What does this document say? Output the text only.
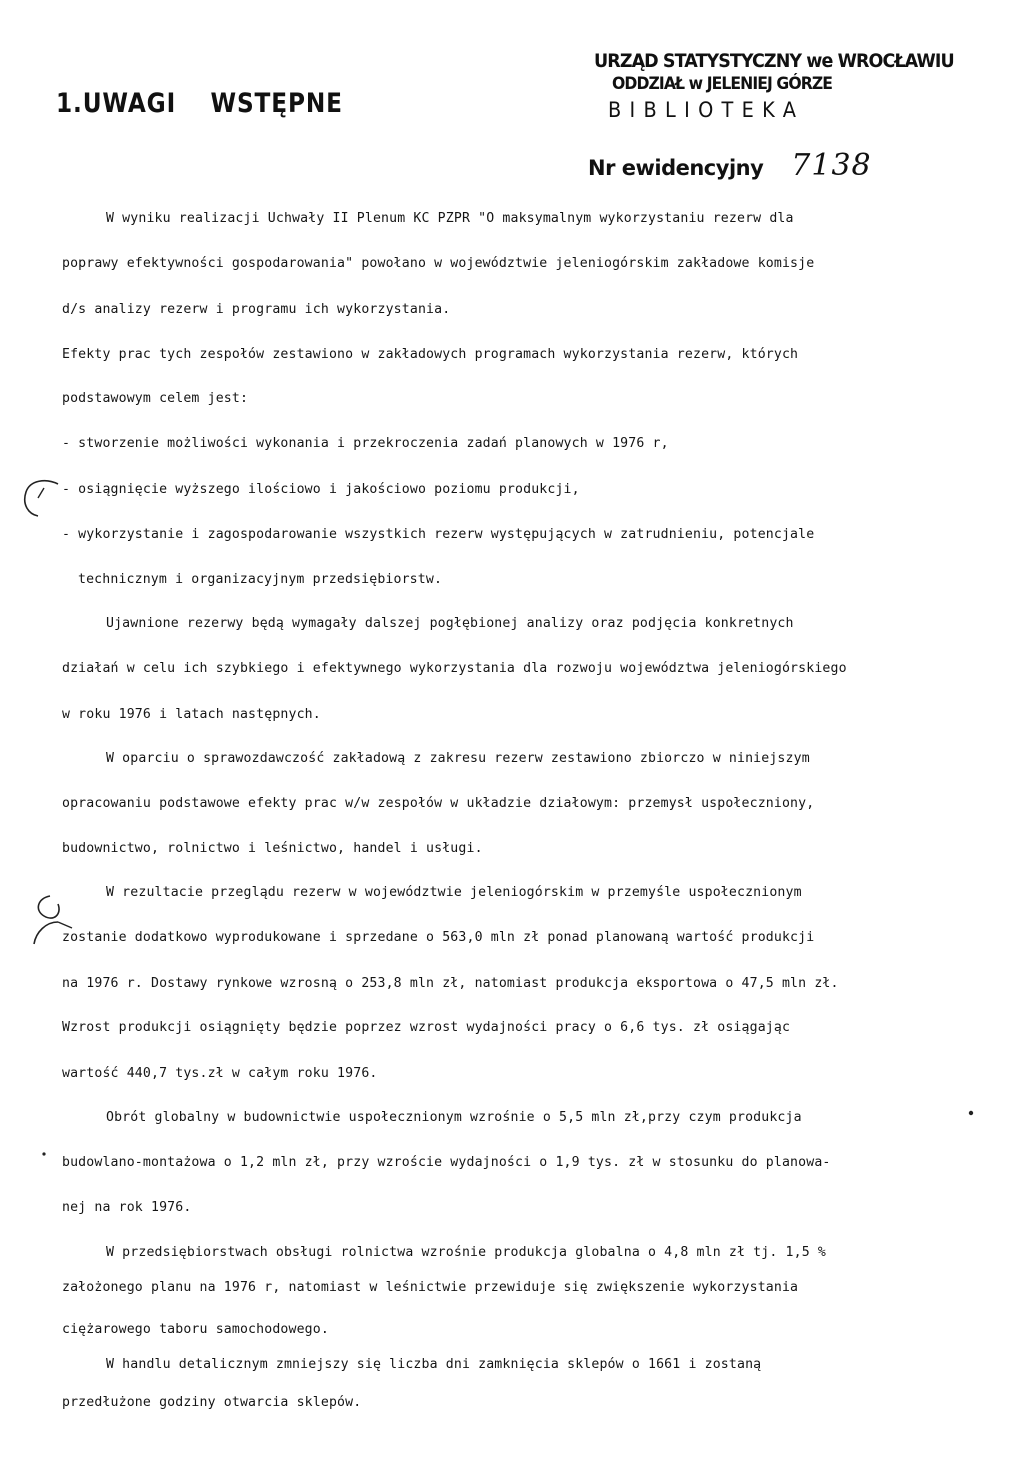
1.UWAGI WSTĘPNE
URZĄD STATYSTYCZNY we WROCŁAWIU
ODDZIAŁ w JELENIEJ GÓRZE
BIBLIOTEKA
Nr ewidencyjny 7138
W wyniku realizacji Uchwały II Plenum KC PZPR "O maksymalnym wykorzystaniu rezerw dla
poprawy efektywności gospodarowania" powołano w województwie jeleniogórskim zakładowe komisje
d/s analizy rezerw i programu ich wykorzystania.
Efekty prac tych zespołów zestawiono w zakładowych programach wykorzystania rezerw, których
podstawowym celem jest:
- stworzenie możliwości wykonania i przekroczenia zadań planowych w 1976 r,
- osiągnięcie wyższego ilościowo i jakościowo poziomu produkcji,
- wykorzystanie i zagospodarowanie wszystkich rezerw występujących w zatrudnieniu, potencjale
technicznym i organizacyjnym przedsiębiorstw.
Ujawnione rezerwy będą wymagały dalszej pogłębionej analizy oraz podjęcia konkretnych
działań w celu ich szybkiego i efektywnego wykorzystania dla rozwoju województwa jeleniogórskiego
w roku 1976 i latach następnych.
W oparciu o sprawozdawczość zakładową z zakresu rezerw zestawiono zbiorczo w niniejszym
opracowaniu podstawowe efekty prac w/w zespołów w układzie działowym: przemysł uspołeczniony,
budownictwo, rolnictwo i leśnictwo, handel i usługi.
W rezultacie przeglądu rezerw w województwie jeleniogórskim w przemyśle uspołecznionym
zostanie dodatkowo wyprodukowane i sprzedane o 563,0 mln zł ponad planowaną wartość produkcji
na 1976 r. Dostawy rynkowe wzrosną o 253,8 mln zł, natomiast produkcja eksportowa o 47,5 mln zł.
Wzrost produkcji osiągnięty będzie poprzez wzrost wydajności pracy o 6,6 tys. zł osiągając
wartość 440,7 tys.zł w całym roku 1976.
Obrót globalny w budownictwie uspołecznionym wzrośnie o 5,5 mln zł,przy czym produkcja
budowlano-montażowa o 1,2 mln zł, przy wzroście wydajności o 1,9 tys. zł w stosunku do planowa-
nej na rok 1976.
W przedsiębiorstwach obsługi rolnictwa wzrośnie produkcja globalna o 4,8 mln zł tj. 1,5 %
założonego planu na 1976 r, natomiast w leśnictwie przewiduje się zwiększenie wykorzystania
ciężarowego taboru samochodowego.
W handlu detalicznym zmniejszy się liczba dni zamknięcia sklepów o 1661 i zostaną
przedłużone godziny otwarcia sklepów.
